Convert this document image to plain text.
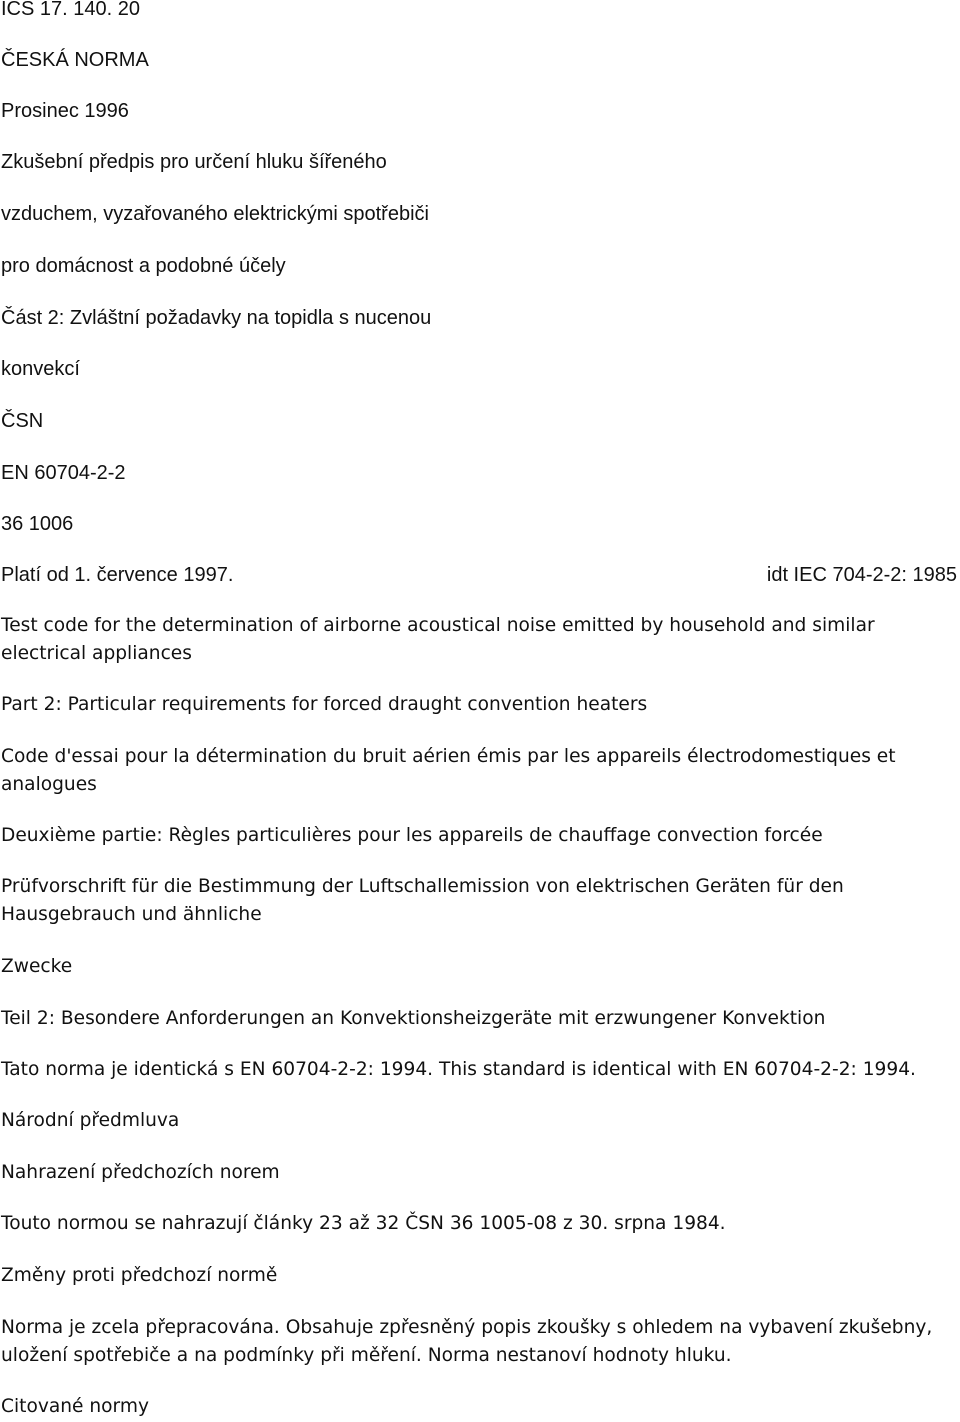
ICS 17. 140. 20

ČESKÁ NORMA

Prosinec 1996

Zkušební předpis pro určení hluku šířeného

vzduchem, vyzařovaného elektrickými spotřebiči

pro domácnost a podobné účely

Část 2: Zvláštní požadavky na topidla s nucenou

konvekcí

ČSN

EN 60704-2-2

36 1006

Platí od 1. července 1997.	idt IEC 704-2-2: 1985

Test code for the determination of airborne acoustical noise emitted by household and similar electrical appliances

Part 2: Particular requirements for forced draught convention heaters

Code d'essai pour la détermination du bruit aérien émis par les appareils électrodomestiques et analogues

Deuxième partie: Règles particulières pour les appareils de chauffage convection forcée

Prüfvorschrift für die Bestimmung der Luftschallemission von elektrischen Geräten für den Hausgebrauch und ähnliche

Zwecke

Teil 2: Besondere Anforderungen an Konvektionsheizgeräte mit erzwungener Konvektion

Tato norma je identická s EN 60704-2-2: 1994. This standard is identical with EN 60704-2-2: 1994.

Národní předmluva

Nahrazení předchozích norem

Touto normou se nahrazují články 23 až 32 ČSN 36 1005-08 z 30. srpna 1984.

Změny proti předchozí normě

Norma je zcela přepracována. Obsahuje zpřesněný popis zkoušky s ohledem na vybavení zkušebny, uložení spotřebiče a na podmínky při měření. Norma nestanoví hodnoty hluku.

Citované normy
